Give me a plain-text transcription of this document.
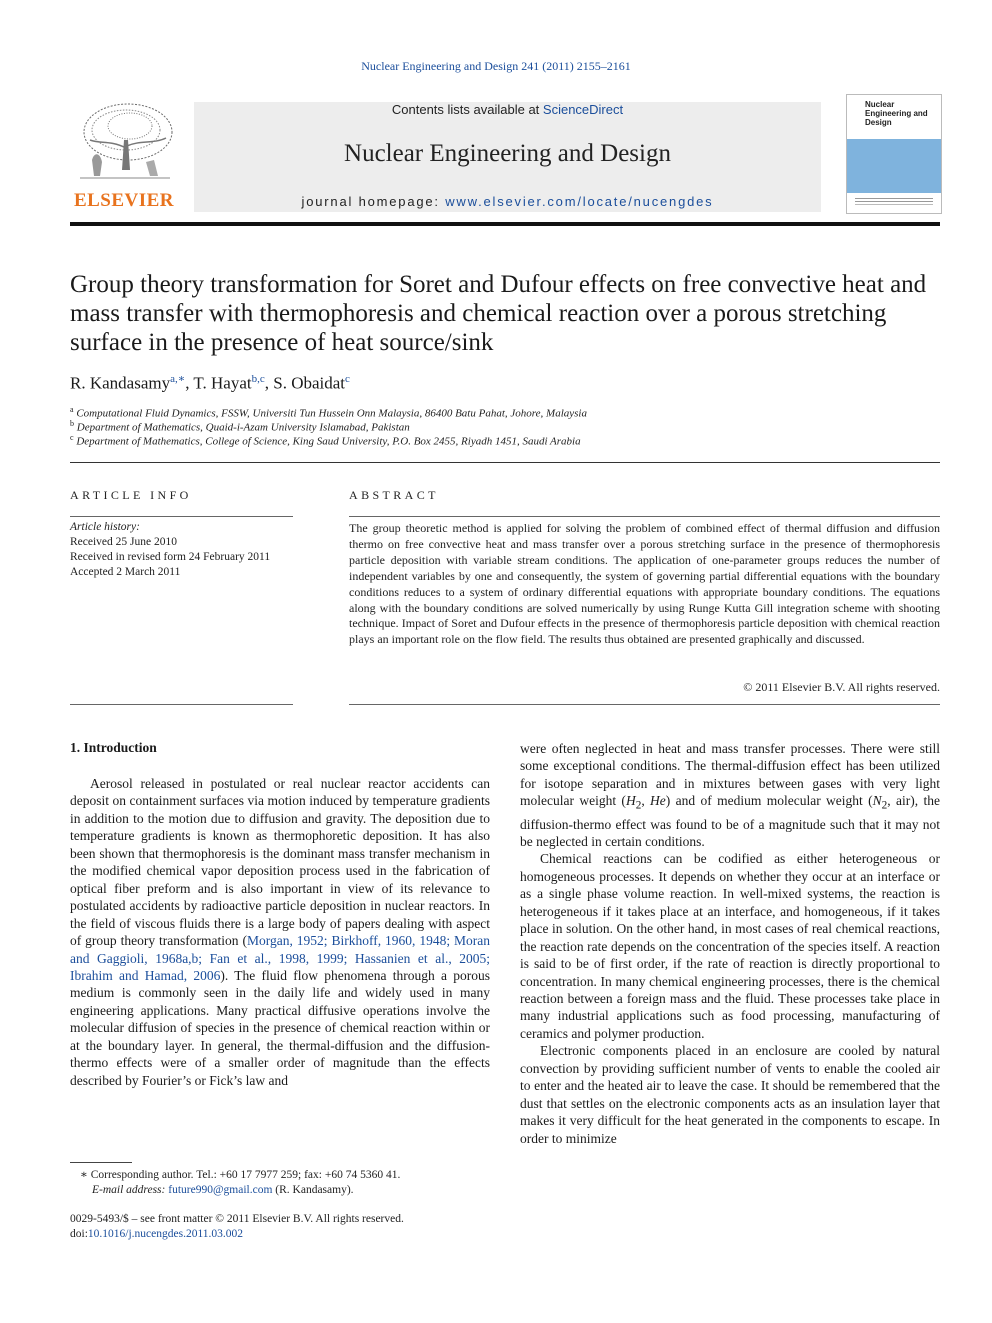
Nuclear Engineering and Design 241 (2011) 2155–2161
ELSEVIER
Contents lists available at ScienceDirect
Nuclear Engineering and Design
journal homepage: www.elsevier.com/locate/nucengdes
Nuclear Engineering and Design
Group theory transformation for Soret and Dufour effects on free convective heat and mass transfer with thermophoresis and chemical reaction over a porous stretching surface in the presence of heat source/sink
R. Kandasamy$^{a,∗}$, T. Hayat$^{b,c}$, S. Obaidat$^c$
$^a$ Computational Fluid Dynamics, FSSW, Universiti Tun Hussein Onn Malaysia, 86400 Batu Pahat, Johore, Malaysia
$^b$ Department of Mathematics, Quaid-i-Azam University Islamabad, Pakistan
$^c$ Department of Mathematics, College of Science, King Saud University, P.O. Box 2455, Riyadh 1451, Saudi Arabia
ARTICLE INFO
Article history:
Received 25 June 2010
Received in revised form 24 February 2011
Accepted 2 March 2011
ABSTRACT
The group theoretic method is applied for solving the problem of combined effect of thermal diffusion and diffusion thermo on free convective heat and mass transfer over a porous stretching surface in the presence of thermophoresis particle deposition with variable stream conditions. The application of one-parameter groups reduces the number of independent variables by one and consequently, the system of governing partial differential equations with the boundary conditions reduces to a system of ordinary differential equations with appropriate boundary conditions. The equations along with the boundary conditions are solved numerically by using Runge Kutta Gill integration scheme with shooting technique. Impact of Soret and Dufour effects in the presence of thermophoresis particle deposition with chemical reaction plays an important role on the flow field. The results thus obtained are presented graphically and discussed.
© 2011 Elsevier B.V. All rights reserved.
1. Introduction

Aerosol released in postulated or real nuclear reactor accidents can deposit on containment surfaces via motion induced by temperature gradients in addition to the motion due to diffusion and gravity. The deposition due to temperature gradients is known as thermophoretic deposition. It has also been shown that thermophoresis is the dominant mass transfer mechanism in the modified chemical vapor deposition process used in the fabrication of optical fiber preform and is also important in view of its relevance to postulated accidents by radioactive particle deposition in nuclear reactors. In the field of viscous fluids there is a large body of papers dealing with aspect of group theory transformation (Morgan, 1952; Birkhoff, 1960, 1948; Moran and Gaggioli, 1968a,b; Fan et al., 1998, 1999; Hassanien et al., 2005; Ibrahim and Hamad, 2006). The fluid flow phenomena through a porous medium is commonly seen in the daily life and widely used in many engineering applications. Many practical diffusive operations involve the molecular diffusion of species in the presence of chemical reaction within or at the boundary layer. In general, the thermal-diffusion and the diffusion-thermo effects were of a smaller order of magnitude than the effects described by Fourier’s or Fick’s law and

were often neglected in heat and mass transfer processes. There were still some exceptional conditions. The thermal-diffusion effect has been utilized for isotope separation and in mixtures between gases with very light molecular weight ($H_2$, He) and of medium molecular weight ($N_2$, air), the diffusion-thermo effect was found to be of a magnitude such that it may not be neglected in certain conditions.

Chemical reactions can be codified as either heterogeneous or homogeneous processes. It depends on whether they occur at an interface or as a single phase volume reaction. In well-mixed systems, the reaction is heterogeneous if it takes place at an interface, and homogeneous, if it takes place in solution. On the other hand, in most cases of real chemical reactions, the reaction rate depends on the concentration of the species itself. A reaction is said to be of first order, if the rate of reaction is directly proportional to concentration. In many chemical engineering processes, there is the chemical reaction between a foreign mass and the fluid. These processes take place in many industrial applications such as food processing, manufacturing of ceramics and polymer production.

Electronic components placed in an enclosure are cooled by natural convection by providing sufficient number of vents to enable the cooled air to enter and the heated air to leave the case. It should be remembered that the dust that settles on the electronic components acts as an insulation layer that makes it very difficult for the heat generated in the components to escape. In order to minimize

∗ Corresponding author. Tel.: +60 17 7977 259; fax: +60 74 5360 41.
E-mail address: future990@gmail.com (R. Kandasamy).
0029-5493/$ – see front matter © 2011 Elsevier B.V. All rights reserved.
doi:10.1016/j.nucengdes.2011.03.002
